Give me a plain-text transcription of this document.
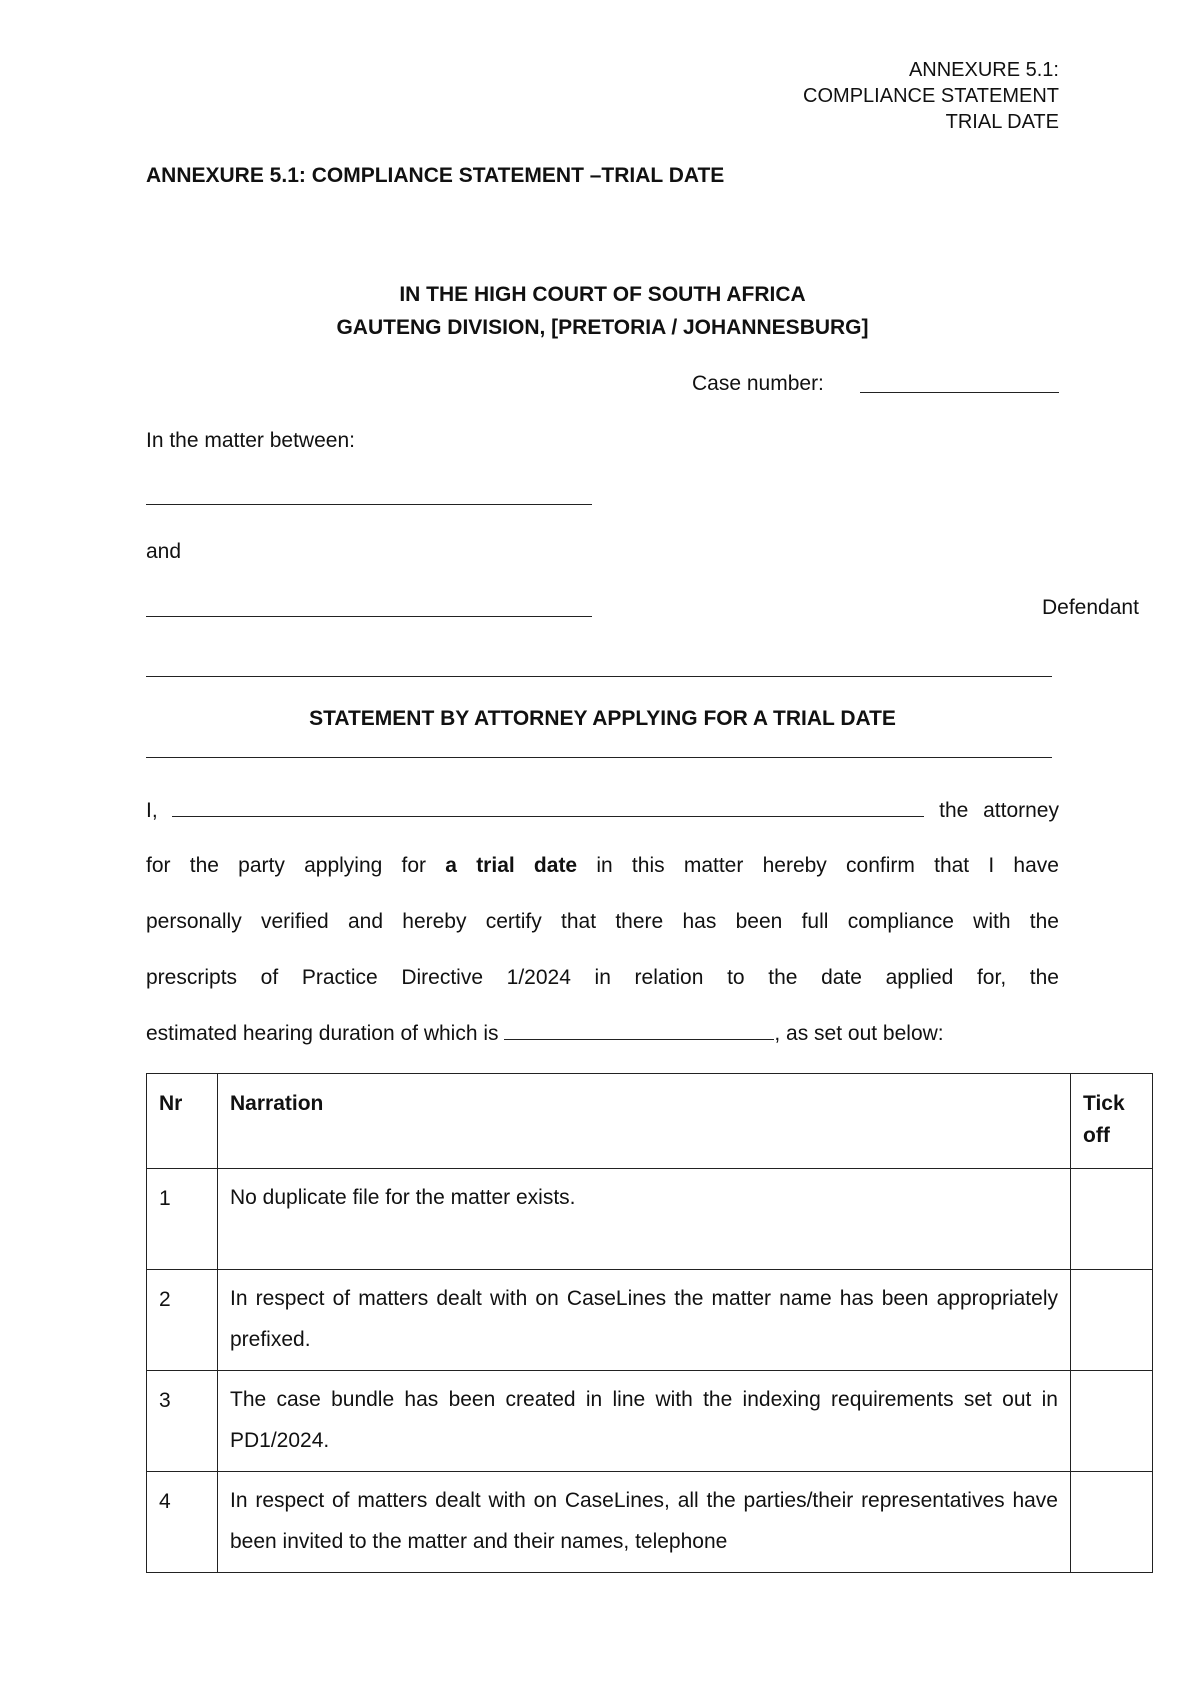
ANNEXURE 5.1:
COMPLIANCE STATEMENT
TRIAL DATE
ANNEXURE 5.1: COMPLIANCE STATEMENT –TRIAL DATE
IN THE HIGH COURT OF SOUTH AFRICA
GAUTENG DIVISION, [PRETORIA / JOHANNESBURG]
Case number:
In the matter between:
and
Defendant
STATEMENT BY ATTORNEY APPLYING FOR A TRIAL DATE
I,	the attorney
for the party applying for a trial date in this matter hereby confirm that I have
personally verified and hereby certify that there has been full compliance with the
prescripts of Practice Directive 1/2024 in relation to the date applied for, the
estimated hearing duration of which is	, as set out below:
Nr	Narration	Tick off
1	No duplicate file for the matter exists.	
2	In respect of matters dealt with on CaseLines the matter name has been appropriately prefixed.	
3	The case bundle has been created in line with the indexing requirements set out in PD1/2024.	
4	In respect of matters dealt with on CaseLines, all the parties/their representatives have been invited to the matter and their names, telephone	
